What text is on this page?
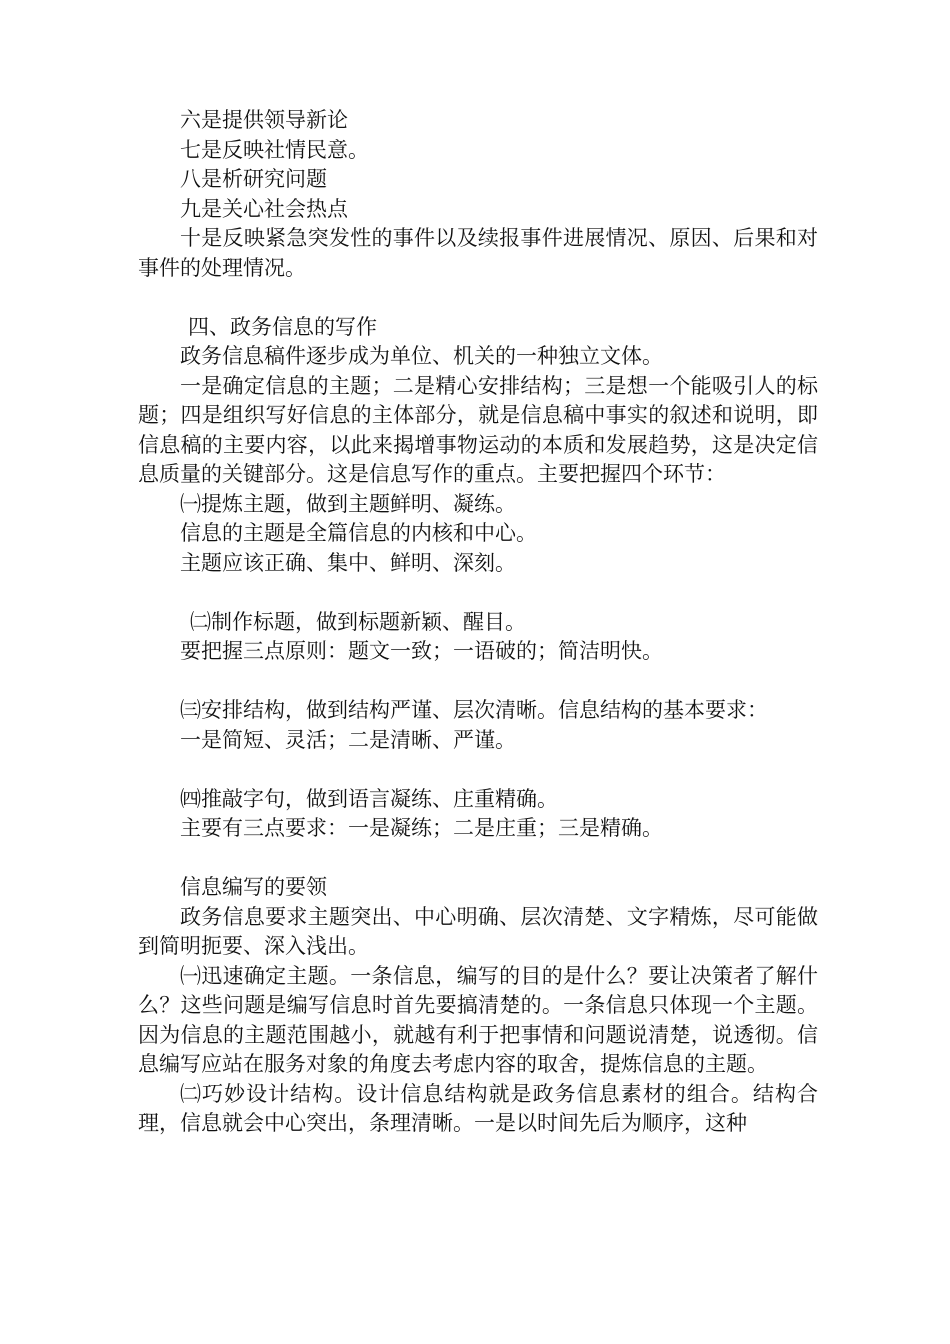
六是提供领导新论

七是反映社情民意。

八是析研究问题

九是关心社会热点

十是反映紧急突发性的事件以及续报事件进展情况、原因、后果和对事件的处理情况。

四、政务信息的写作

政务信息稿件逐步成为单位、机关的一种独立文体。

一是确定信息的主题；二是精心安排结构；三是想一个能吸引人的标题；四是组织写好信息的主体部分，就是信息稿中事实的叙述和说明，即信息稿的主要内容，以此来揭增事物运动的本质和发展趋势，这是决定信息质量的关键部分。这是信息写作的重点。主要把握四个环节：

㈠提炼主题，做到主题鲜明、凝练。

信息的主题是全篇信息的内核和中心。

主题应该正确、集中、鲜明、深刻。

㈡制作标题，做到标题新颖、醒目。

要把握三点原则：题文一致；一语破的；简洁明快。

㈢安排结构，做到结构严谨、层次清晰。信息结构的基本要求：

一是简短、灵活；二是清晰、严谨。

㈣推敲字句，做到语言凝练、庄重精确。

主要有三点要求：一是凝练；二是庄重；三是精确。

信息编写的要领

政务信息要求主题突出、中心明确、层次清楚、文字精炼，尽可能做到简明扼要、深入浅出。

㈠迅速确定主题。一条信息，编写的目的是什么？要让决策者了解什么？这些问题是编写信息时首先要搞清楚的。一条信息只体现一个主题。因为信息的主题范围越小，就越有利于把事情和问题说清楚，说透彻。信息编写应站在服务对象的角度去考虑内容的取舍，提炼信息的主题。

㈡巧妙设计结构。设计信息结构就是政务信息素材的组合。结构合理，信息就会中心突出，条理清晰。一是以时间先后为顺序，这种
